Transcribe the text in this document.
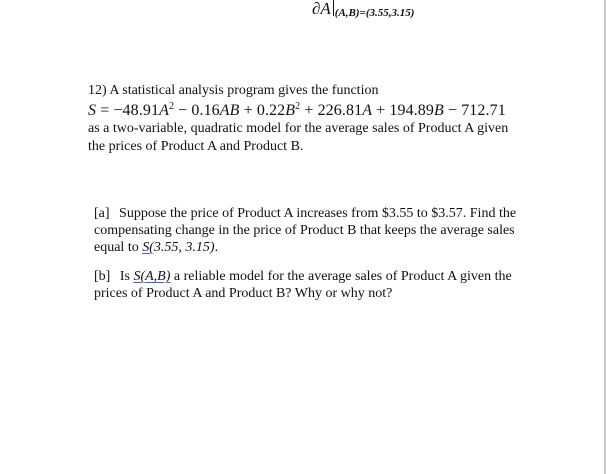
∂A (A,B)=(3.55,3.15)
12) A statistical analysis program gives the function
$S = -48.91A^2 - 0.16AB + 0.22B^2 + 226.81A + 194.89B - 712.71$
as a two-variable, quadratic model for the average sales of Product A given the prices of Product A and Product B.
[a] Suppose the price of Product A increases from $3.55 to $3.57. Find the compensating change in the price of Product B that keeps the average sales equal to S(3.55, 3.15).
[b] Is S(A,B) a reliable model for the average sales of Product A given the prices of Product A and Product B? Why or why not?
